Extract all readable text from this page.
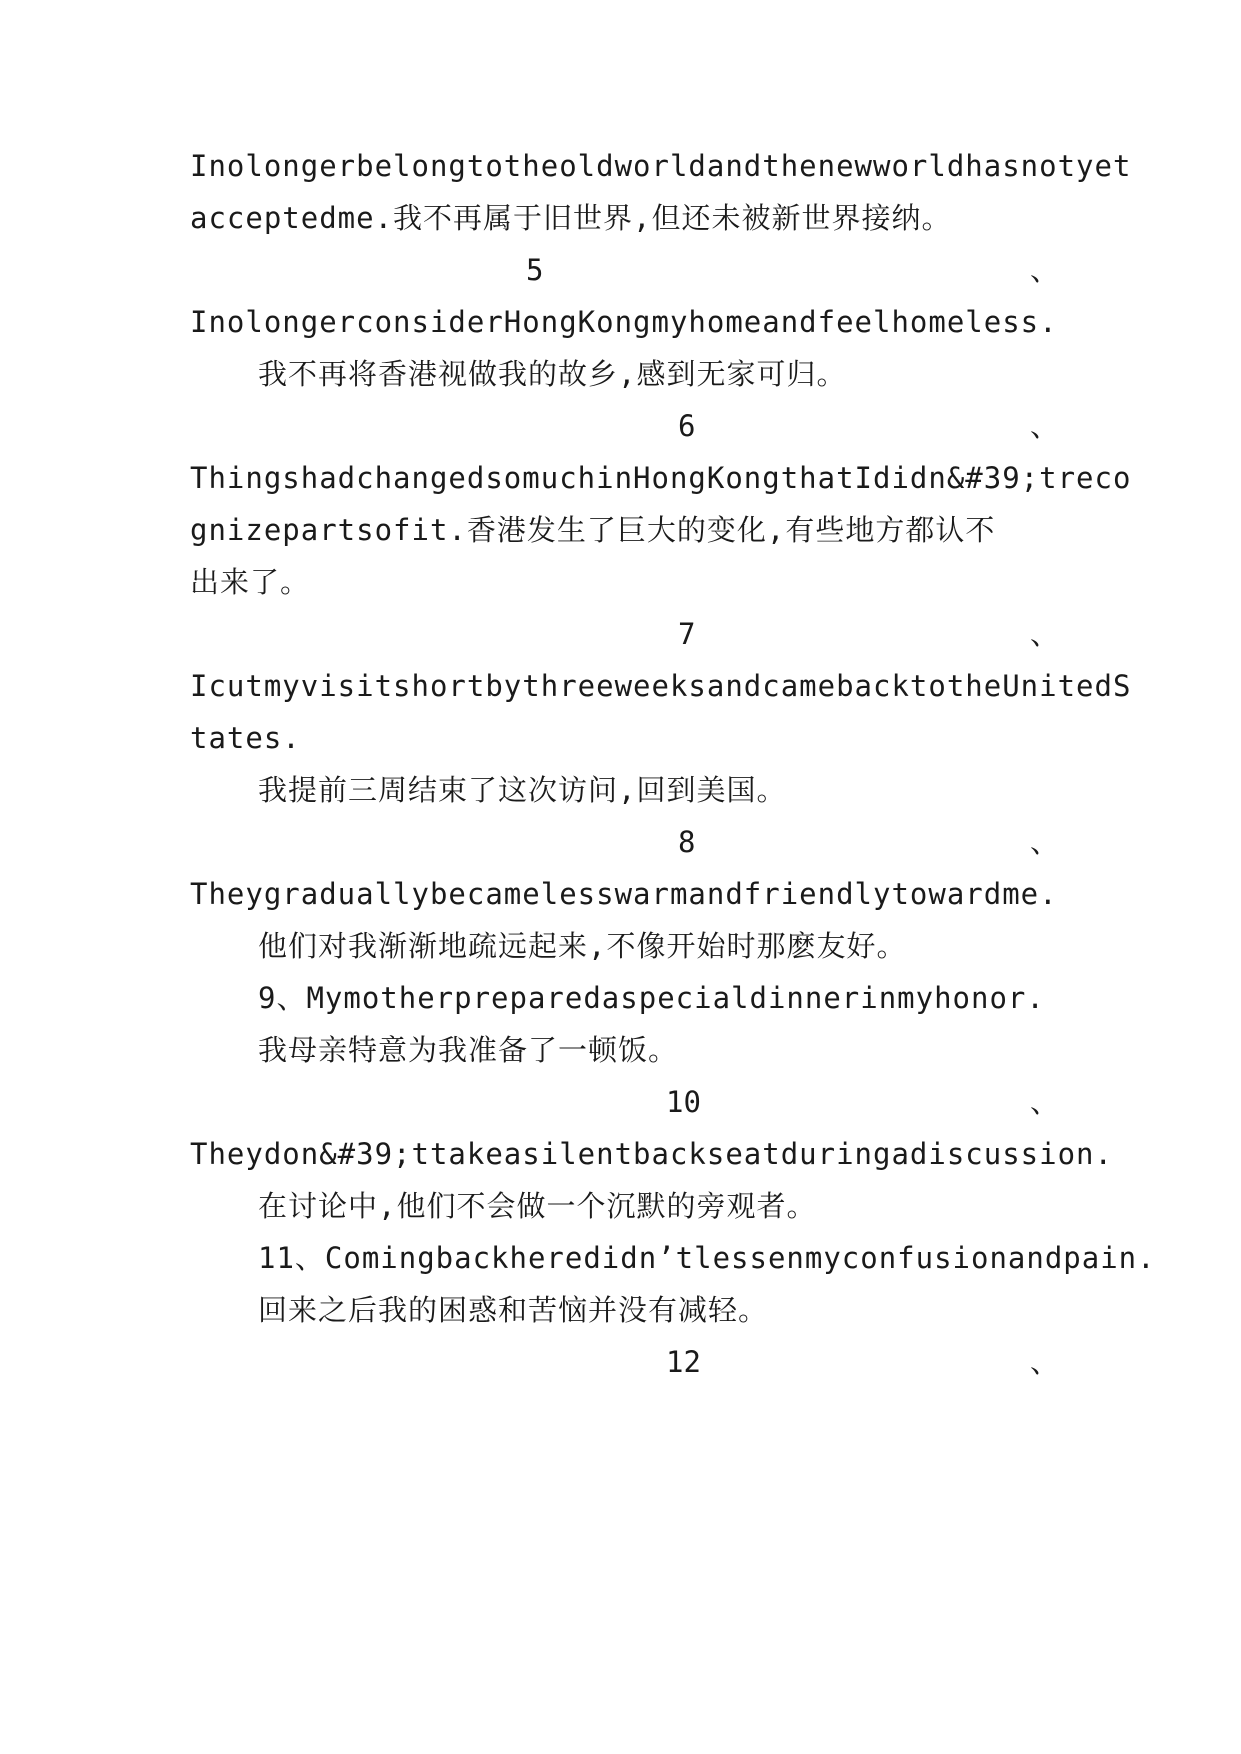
Inolongerbelongtotheoldworldandthenewworldhasnotyet
acceptedme.我不再属于旧世界,但还未被新世界接纳。
5	、
InolongerconsiderHongKongmyhomeandfeelhomeless.
我不再将香港视做我的故乡,感到无家可归。
6	、
ThingshadchangedsomuchinHongKongthatIdidn&#39;treco
gnizepartsofit.香港发生了巨大的变化,有些地方都认不
出来了。
7	、
IcutmyvisitshortbythreeweeksandcamebacktotheUnitedS
tates.
我提前三周结束了这次访问,回到美国。
8	、
Theygraduallybecamelesswarmandfriendlytowardme.
他们对我渐渐地疏远起来,不像开始时那麽友好。
9、Mymotherpreparedaspecialdinnerinmyhonor.
我母亲特意为我准备了一顿饭。
10	、
Theydon&#39;ttakeasilentbackseatduringadiscussion.
在讨论中,他们不会做一个沉默的旁观者。
11、Comingbackheredidn’tlessenmyconfusionandpain.
回来之后我的困惑和苦恼并没有减轻。
12	、
